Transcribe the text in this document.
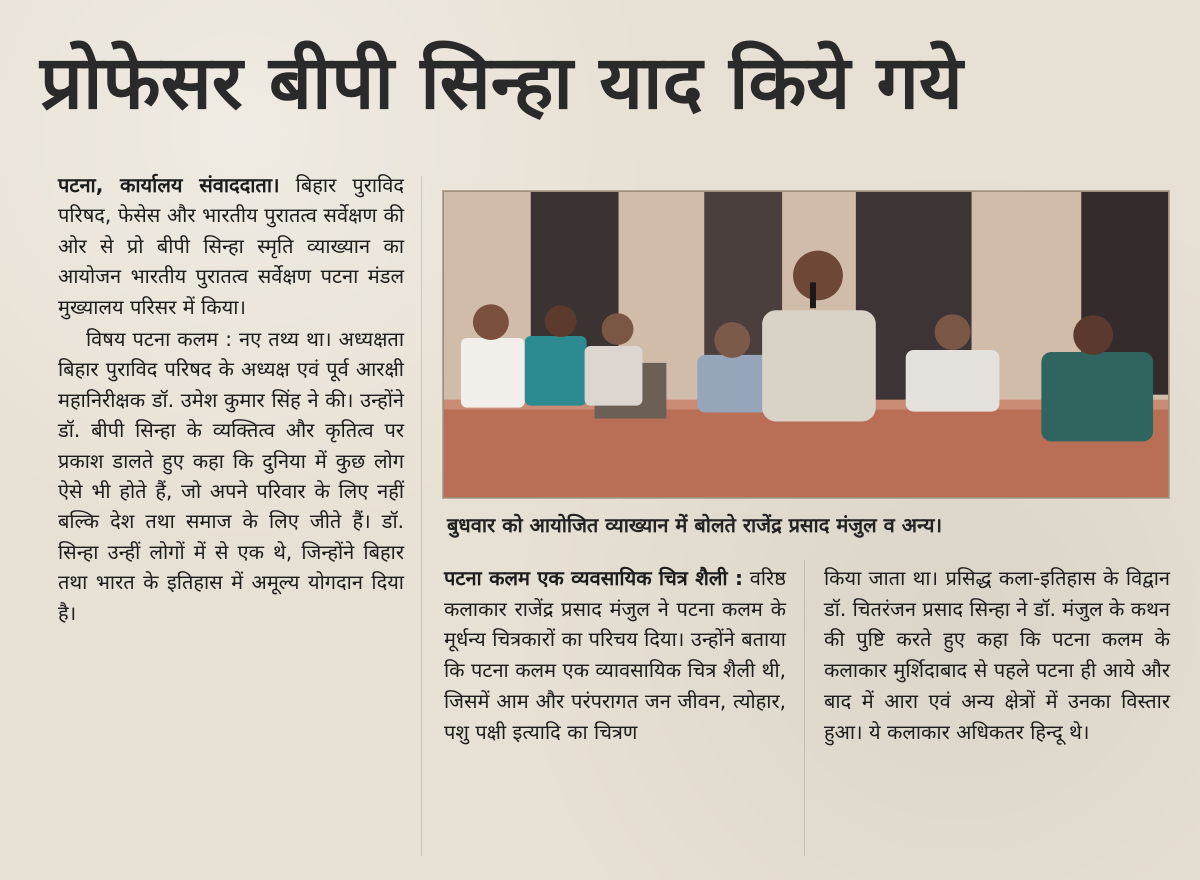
प्रोफेसर बीपी सिन्हा याद किये गये

पटना, कार्यालय संवाददाता। बिहार पुराविद परिषद, फेसेस और भारतीय पुरातत्व सर्वेक्षण की ओर से प्रो बीपी सिन्हा स्मृति व्याख्यान का आयोजन भारतीय पुरातत्व सर्वेक्षण पटना मंडल मुख्यालय परिसर में किया।

विषय पटना कलम : नए तथ्य था। अध्यक्षता बिहार पुराविद परिषद के अध्यक्ष एवं पूर्व आरक्षी महानिरीक्षक डॉ. उमेश कुमार सिंह ने की। उन्होंने डॉ. बीपी सिन्हा के व्यक्तित्व और कृतित्व पर प्रकाश डालते हुए कहा कि दुनिया में कुछ लोग ऐसे भी होते हैं, जो अपने परिवार के लिए नहीं बल्कि देश तथा समाज के लिए जीते हैं। डॉ. सिन्हा उन्हीं लोगों में से एक थे, जिन्होंने बिहार तथा भारत के इतिहास में अमूल्य योगदान दिया है।

बुधवार को आयोजित व्याख्यान में बोलते राजेंद्र प्रसाद मंजुल व अन्य।

पटना कलम एक व्यवसायिक चित्र शैली : वरिष्ठ कलाकार राजेंद्र प्रसाद मंजुल ने पटना कलम के मूर्धन्य चित्रकारों का परिचय दिया। उन्होंने बताया कि पटना कलम एक व्यावसायिक चित्र शैली थी, जिसमें आम और परंपरागत जन जीवन, त्योहार, पशु पक्षी इत्यादि का चित्रण

किया जाता था। प्रसिद्ध कला-इतिहास के विद्वान डॉ. चितरंजन प्रसाद सिन्हा ने डॉ. मंजुल के कथन की पुष्टि करते हुए कहा कि पटना कलम के कलाकार मुर्शिदाबाद से पहले पटना ही आये और बाद में आरा एवं अन्य क्षेत्रों में उनका विस्तार हुआ। ये कलाकार अधिकतर हिन्दू थे।
